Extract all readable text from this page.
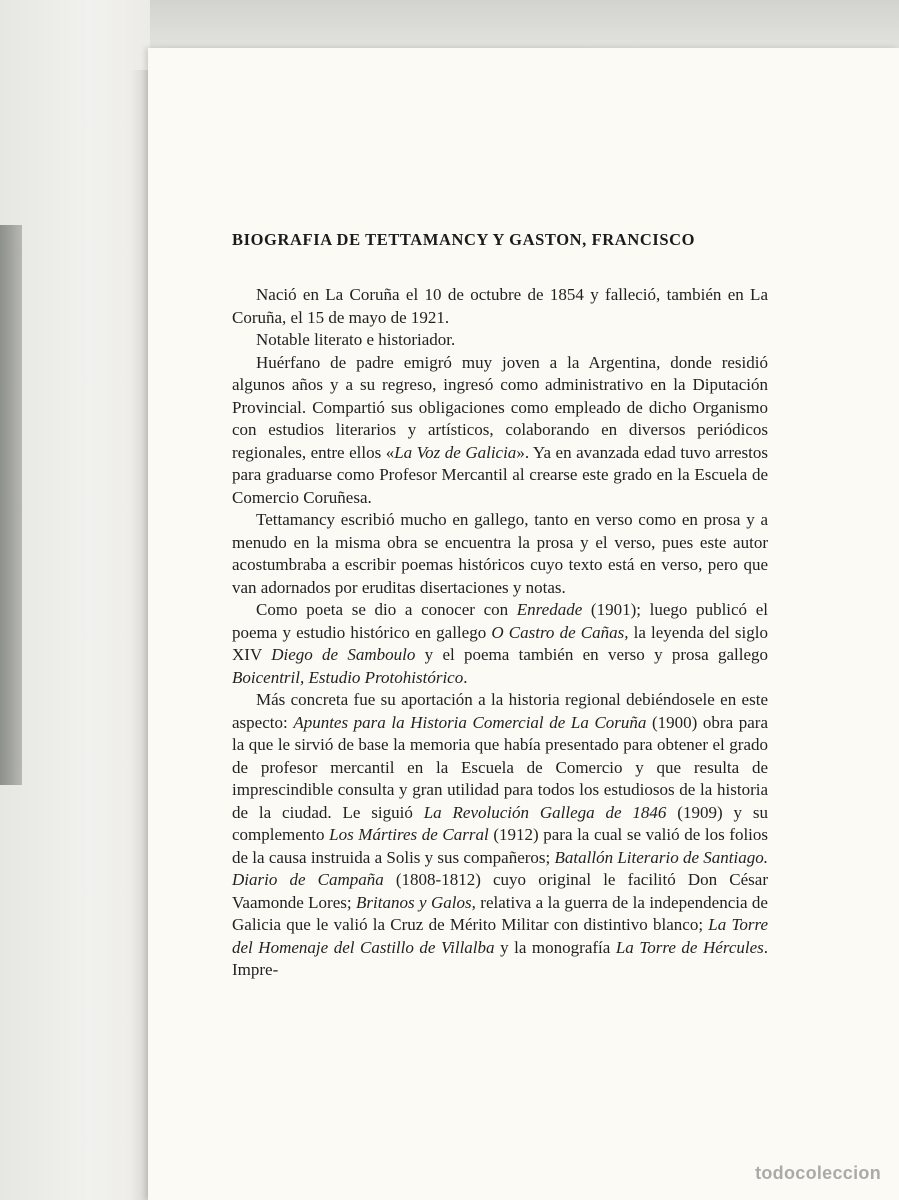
BIOGRAFIA DE TETTAMANCY Y GASTON, FRANCISCO

Nació en La Coruña el 10 de octubre de 1854 y falleció, también en La Coruña, el 15 de mayo de 1921.

Notable literato e historiador.

Huérfano de padre emigró muy joven a la Argentina, donde residió algunos años y a su regreso, ingresó como administrativo en la Diputación Provincial. Compartió sus obligaciones como empleado de dicho Organismo con estudios literarios y artísticos, colaborando en diversos periódicos regionales, entre ellos «La Voz de Galicia». Ya en avanzada edad tuvo arrestos para graduarse como Profesor Mercantil al crearse este grado en la Escuela de Comercio Coruñesa.

Tettamancy escribió mucho en gallego, tanto en verso como en prosa y a menudo en la misma obra se encuentra la prosa y el verso, pues este autor acostumbraba a escribir poemas históricos cuyo texto está en verso, pero que van adornados por eruditas disertaciones y notas.

Como poeta se dio a conocer con Enredade (1901); luego publicó el poema y estudio histórico en gallego O Castro de Cañas, la leyenda del siglo XIV Diego de Samboulo y el poema también en verso y prosa gallego Boicentril, Estudio Protohistórico.

Más concreta fue su aportación a la historia regional debiéndosele en este aspecto: Apuntes para la Historia Comercial de La Coruña (1900) obra para la que le sirvió de base la memoria que había presentado para obtener el grado de profesor mercantil en la Escuela de Comercio y que resulta de imprescindible consulta y gran utilidad para todos los estudiosos de la historia de la ciudad. Le siguió La Revolución Gallega de 1846 (1909) y su complemento Los Mártires de Carral (1912) para la cual se valió de los folios de la causa instruida a Solis y sus compañeros; Batallón Literario de Santiago. Diario de Campaña (1808-1812) cuyo original le facilitó Don César Vaamonde Lores; Britanos y Galos, relativa a la guerra de la independencia de Galicia que le valió la Cruz de Mérito Militar con distintivo blanco; La Torre del Homenaje del Castillo de Villalba y la monografía La Torre de Hércules. Impre-

todocoleccion
